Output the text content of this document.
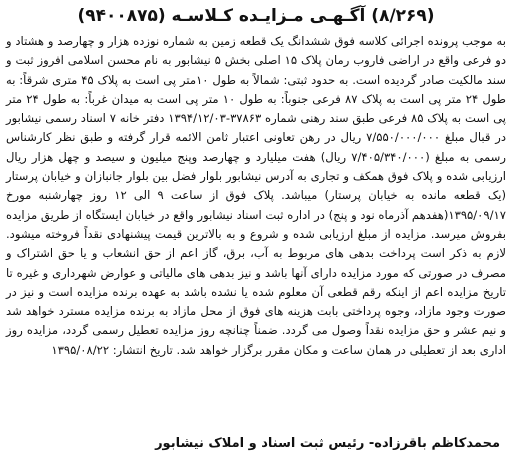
(۸/۲۶۹) آگـهـی مـزایـده کـلاسـه (۹۴۰۰۸۷۵)

به موجب پرونده اجرائی کلاسه فوق ششدانگ یک قطعه زمین به شماره نوزده هزار و چهارصد و هشتاد و دو فرعی واقع در اراضی فاروب رمان پلاک ۱۵ اصلی بخش ۵ نیشابور به نام محسن اسلامی افروز ثبت و سند مالکیت صادر گردیده است. به حدود ثبتی: شمالاً به طول ۱۰متر پی است به پلاک ۴۵ متری شرقاً: به طول ۲۴ متر پی است به پلاک ۸۷ فرعی جنوباً: به طول ۱۰ متر پی است به میدان غرباً: به طول ۲۴ متر پی است به پلاک ۸۵ فرعی طبق سند رهنی شماره ۳۷۸۶۳-۱۳۹۴/۱۲/۰۳ دفتر خانه ۷ اسناد رسمی نیشابور در قبال مبلغ ۷/۵۵۰/۰۰۰/۰۰۰ ریال در رهن تعاونی اعتبار ثامن الائمه قرار گرفته و طبق نظر کارشناس رسمی به مبلغ (۷/۴۰۵/۳۴۰/۰۰۰ ریال) هفت میلیارد و چهارصد وپنج میلیون و سیصد و چهل هزار ریال ارزیابی شده و پلاک فوق همکف و تجاری به آدرس نیشابور بلوار فضل بین بلوار جانبازان و خیابان پرستار (یک قطعه مانده به خیابان پرستار) میباشد. پلاک فوق از ساعت ۹ الی ۱۲ روز چهارشنبه مورخ ۱۳۹۵/۰۹/۱۷(هفدهم آذرماه نود و پنج) در اداره ثبت اسناد نیشابور واقع در خیابان ایستگاه از طریق مزایده بفروش میرسد. مزایده از مبلغ ارزیابی شده و شروع و به بالاترین قیمت پیشنهادی نقداً فروخته میشود. لازم به ذکر است پرداخت بدهی های مربوط به آب، برق، گاز اعم از حق انشعاب و یا حق اشتراک و مصرف در صورتی که مورد مزایده دارای آنها باشد و نیز بدهی های مالیاتی و عوارض شهرداری و غیره تا تاریخ مزایده اعم از اینکه رقم قطعی آن معلوم شده یا نشده باشد به عهده برنده مزایده است و نیز در صورت وجود مازاد، وجوه پرداختی بابت هزینه های فوق از محل مازاد به برنده مزایده مسترد خواهد شد و نیم عشر و حق مزایده نقداً وصول می گردد. ضمناً چنانچه روز مزایده تعطیل رسمی گردد، مزایده روز اداری بعد از تعطیلی در همان ساعت و مکان مقرر برگزار خواهد شد. تاریخ انتشار: ۱۳۹۵/۰۸/۲۲

محمدکاظم باقرزاده- رئیس ثبت اسناد و املاک نیشابور
